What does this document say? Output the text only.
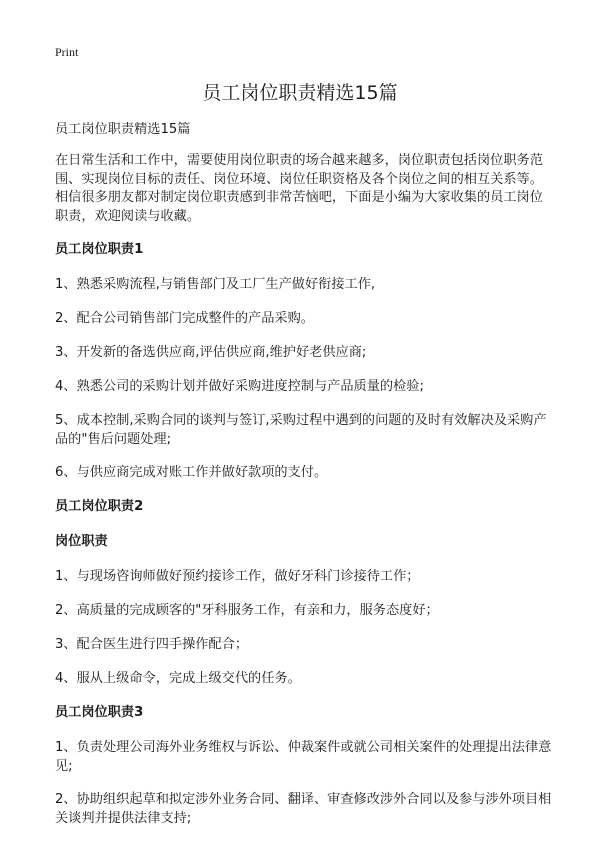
Print
员工岗位职责精选15篇

员工岗位职责精选15篇

在日常生活和工作中，需要使用岗位职责的场合越来越多，岗位职责包括岗位职务范围、实现岗位目标的责任、岗位环境、岗位任职资格及各个岗位之间的相互关系等。相信很多朋友都对制定岗位职责感到非常苦恼吧，下面是小编为大家收集的员工岗位职责，欢迎阅读与收藏。

员工岗位职责1

1、熟悉采购流程,与销售部门及工厂生产做好衔接工作,

2、配合公司销售部门完成整件的产品采购。

3、开发新的备选供应商,评估供应商,维护好老供应商;

4、熟悉公司的采购计划并做好采购进度控制与产品质量的检验;

5、成本控制,采购合同的谈判与签订,采购过程中遇到的问题的及时有效解决及采购产品的"售后问题处理;

6、与供应商完成对账工作并做好款项的支付。

员工岗位职责2

岗位职责

1、与现场咨询师做好预约接诊工作，做好牙科门诊接待工作；

2、高质量的完成顾客的"牙科服务工作，有亲和力，服务态度好；

3、配合医生进行四手操作配合；

4、服从上级命令，完成上级交代的任务。

员工岗位职责3

1、负责处理公司海外业务维权与诉讼、仲裁案件或就公司相关案件的处理提出法律意见;

2、协助组织起草和拟定涉外业务合同、翻译、审查修改涉外合同以及参与涉外项目相关谈判并提供法律支持;
